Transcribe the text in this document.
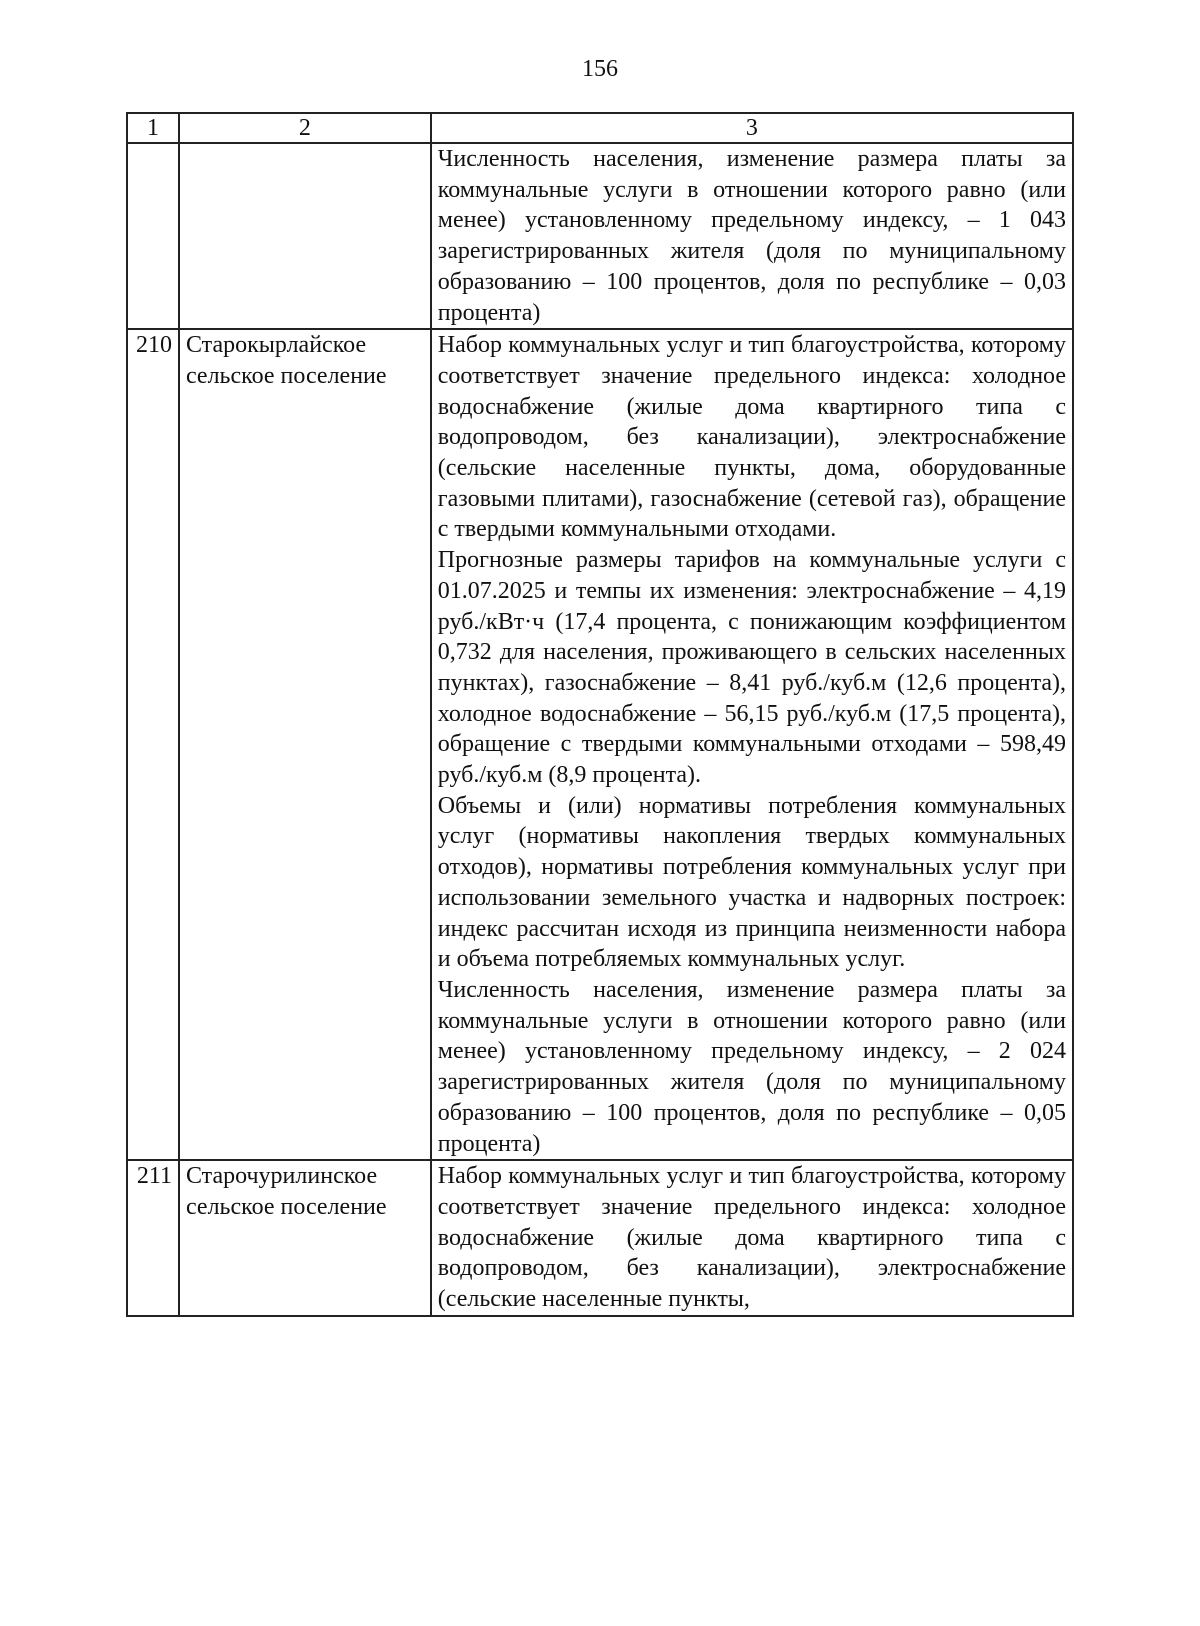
156
1	2	3

		Численность населения, изменение размера платы за коммунальные услуги в отношении которого равно (или менее) установленному предельному индексу, – 1 043 зарегистрированных жителя (доля по муниципальному образованию – 100 процентов, доля по республике – 0,03 процента)

210	Старокырлайское сельское поселение	Набор коммунальных услуг и тип благоустройства, которому соответствует значение предельного индекса: холодное водоснабжение (жилые дома квартирного типа с водопроводом, без канализации), электроснабжение (сельские населенные пункты, дома, оборудованные газовыми плитами), газоснабжение (сетевой газ), обращение с твердыми коммунальными отходами.

Прогнозные размеры тарифов на коммунальные услуги с 01.07.2025 и темпы их изменения: электроснабжение – 4,19 руб./кВт·ч (17,4 процента, с понижающим коэффициентом 0,732 для населения, проживающего в сельских населенных пунктах), газоснабжение – 8,41 руб./куб.м (12,6 процента), холодное водоснабжение – 56,15 руб./куб.м (17,5 процента), обращение с твердыми коммунальными отходами – 598,49 руб./куб.м (8,9 процента).

Объемы и (или) нормативы потребления коммунальных услуг (нормативы накопления твердых коммунальных отходов), нормативы потребления коммунальных услуг при использовании земельного участка и надворных построек: индекс рассчитан исходя из принципа неизменности набора и объема потребляемых коммунальных услуг.

Численность населения, изменение размера платы за коммунальные услуги в отношении которого равно (или менее) установленному предельному индексу, – 2 024 зарегистрированных жителя (доля по муниципальному образованию – 100 процентов, доля по республике – 0,05 процента)

211	Старочурилинское сельское поселение	Набор коммунальных услуг и тип благоустройства, которому соответствует значение предельного индекса: холодное водоснабжение (жилые дома квартирного типа с водопроводом, без канализации), электроснабжение (сельские населенные пункты,
